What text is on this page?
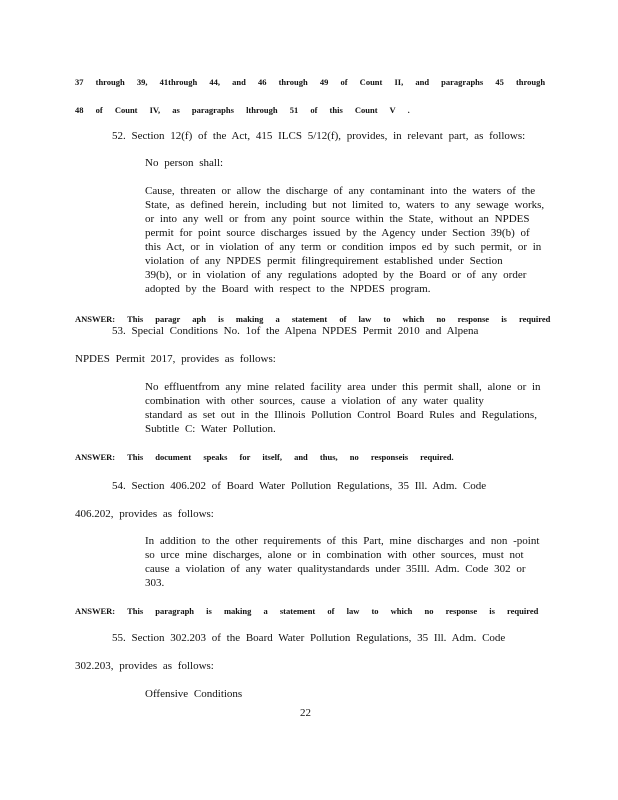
37 through 39, 41through 44, and 46 through 49 of Count II, and paragraphs 45 through
48 of Count IV, as paragraphs lthrough 51 of this Count V .
52. Section 12(f) of the Act, 415 ILCS 5/12(f), provides, in relevant part, as follows:
No person shall:
Cause, threaten or allow the discharge of any contaminant into the waters of the
State, as defined herein, including but not limited to, waters to any sewage works,
or into any well or from any point source within the State, without an NPDES
permit for point source discharges issued by the Agency under Section 39(b) of
this Act, or in violation of any term or condition impos ed by such permit, or in
violation of any NPDES permit filingrequirement established under Section
39(b), or in violation of any regulations adopted by the Board or of any order
adopted by the Board with respect to the NPDES program.
ANSWER: This paragr aph is making a statement of law to which no response is required
53. Special Conditions No. 1of the Alpena NPDES Permit 2010 and Alpena
NPDES Permit 2017, provides as follows:
No effluentfrom any mine related facility area under this permit shall, alone or in
combination with other sources, cause a violation of any water quality
standard as set out in the Illinois Pollution Control Board Rules and Regulations,
Subtitle C: Water Pollution.
ANSWER: This document speaks for itself, and thus, no responseis required.
54. Section 406.202 of Board Water Pollution Regulations, 35 Ill. Adm. Code
406.202, provides as follows:
In addition to the other requirements of this Part, mine discharges and non -point
so urce mine discharges, alone or in combination with other sources, must not
cause a violation of any water qualitystandards under 35Ill. Adm. Code 302 or
303.
ANSWER: This paragraph is making a statement of law to which no response is required
55. Section 302.203 of the Board Water Pollution Regulations, 35 Ill. Adm. Code
302.203, provides as follows:
Offensive Conditions
22
